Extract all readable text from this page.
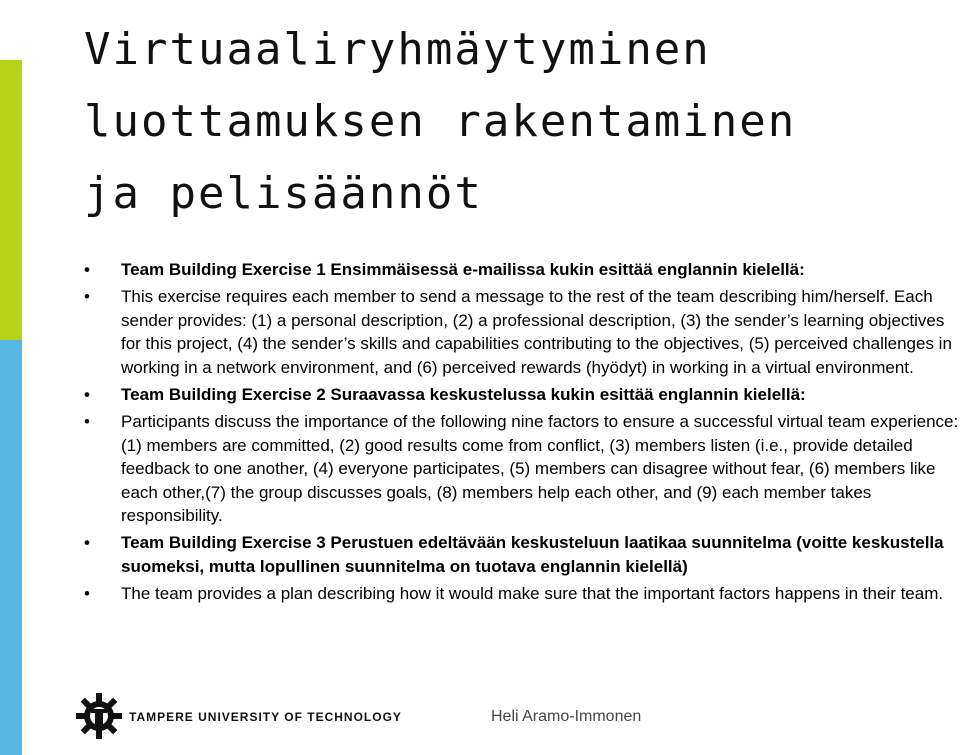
Virtuaaliryhmäytyminen
luottamuksen rakentaminen
ja pelisäännöt
• Team Building Exercise 1 Ensimmäisessä e-mailissa kukin esittää englannin kielellä:
• This exercise requires each member to send a message to the rest of the team describing him/herself. Each sender provides: (1) a personal description, (2) a professional description, (3) the sender’s learning objectives for this project, (4) the sender’s skills and capabilities contributing to the objectives, (5) perceived challenges in working in a network environment, and (6) perceived rewards (hyödyt) in working in a virtual environment.
• Team Building Exercise 2 Suraavassa keskustelussa kukin esittää englannin kielellä:
• Participants discuss the importance of the following nine factors to ensure a successful virtual team experience: (1) members are committed, (2) good results come from conflict, (3) members listen (i.e., provide detailed feedback to one another, (4) everyone participates, (5) members can disagree without fear, (6) members like each other,(7) the group discusses goals, (8) members help each other, and (9) each member takes responsibility.
• Team Building Exercise 3 Perustuen edeltävään keskusteluun laatikaa suunnitelma (voitte keskustella suomeksi, mutta lopullinen suunnitelma on tuotava englannin kielellä)
• The team provides a plan describing how it would make sure that the important factors happens in their team.
TAMPERE UNIVERSITY OF TECHNOLOGY	Heli Aramo-Immonen
